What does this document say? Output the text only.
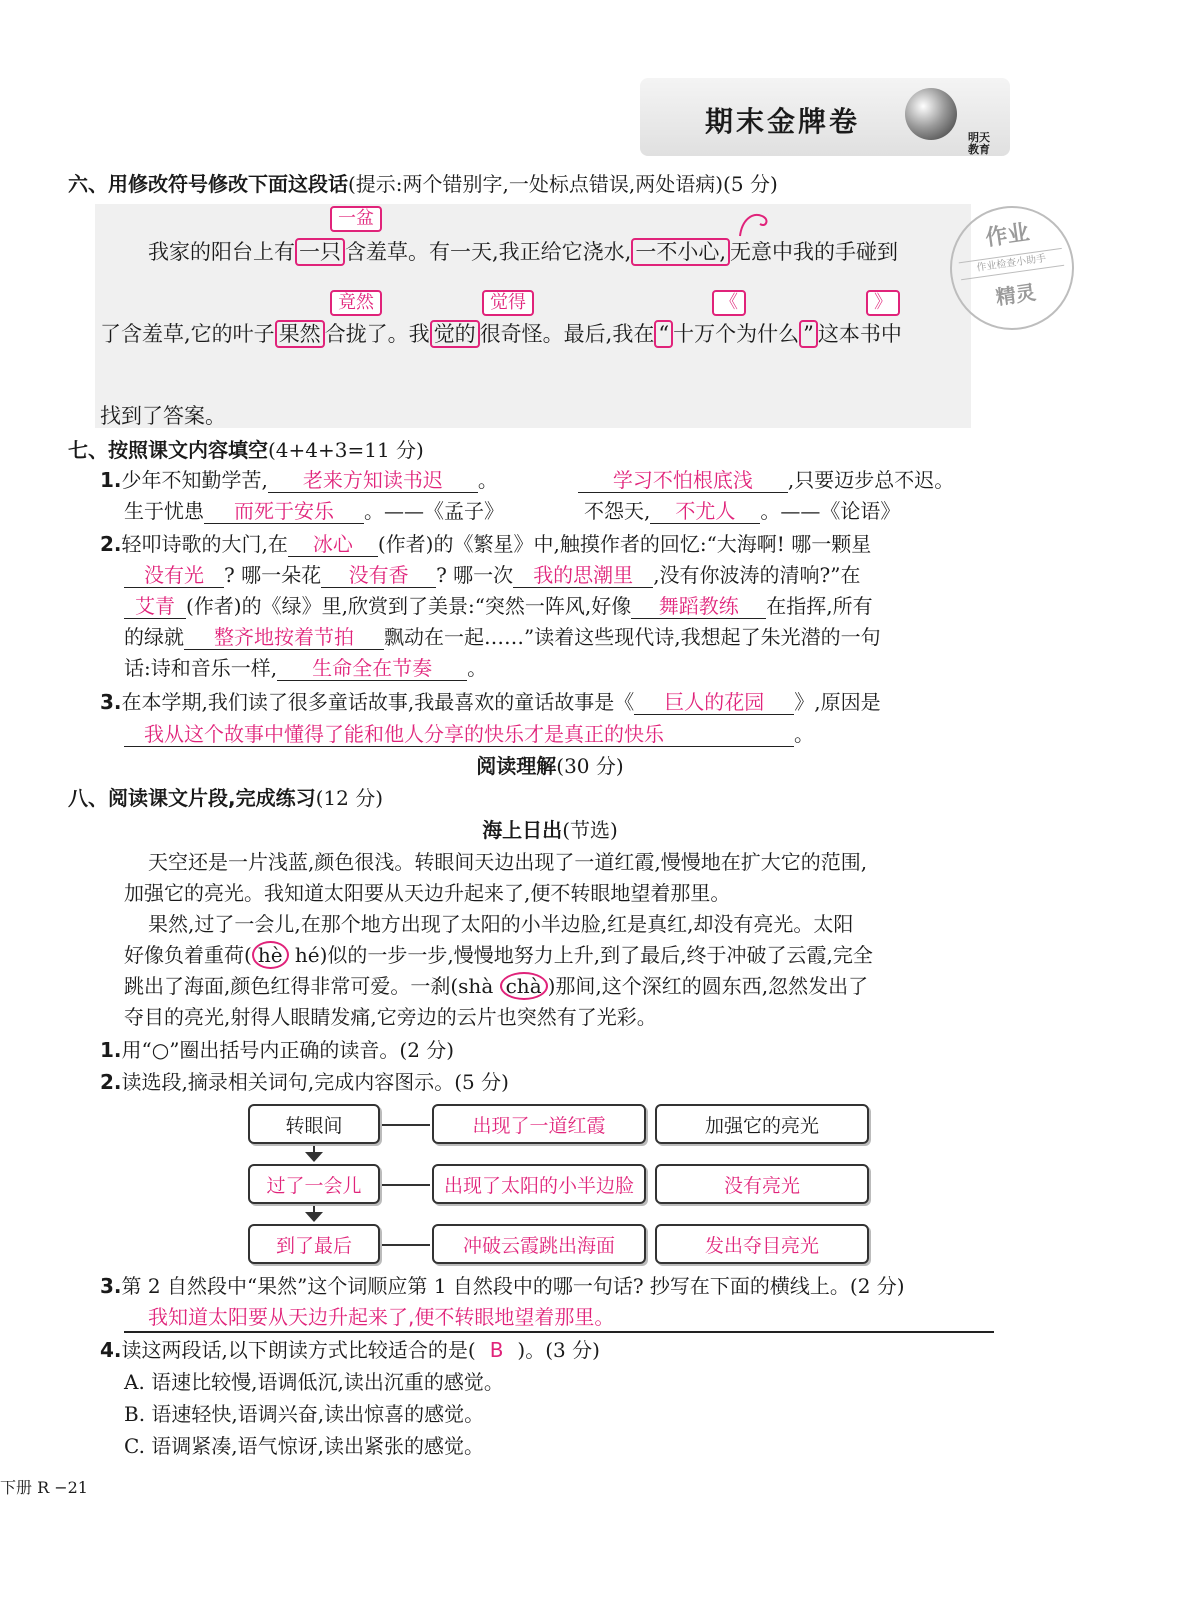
期末金牌卷	明天教育
六、用修改符号修改下面这段话(提示:两个错别字,一处标点错误,两处语病)(5 分)
一盆
竟然	觉得	《	》
我家的阳台上有 一只 含羞草。有一天,我正给它浇水, 一不小心, 无意中我的手碰到
了含羞草,它的叶子 果然 合拢了。我 觉的 很奇怪。最后,我在 “ 十万个为什么 ” 这本书中
找到了答案。
作业
作业检查小助手
精灵
七、按照课文内容填空(4+4+3=11 分)
1.少年不知勤学苦, 老来方知读书迟 。	学习不怕根底浅 ,只要迈步总不迟。
生于忧患 而死于安乐 。——《孟子》	不怨天, 不尤人 。——《论语》
2.轻叩诗歌的大门,在 冰心 (作者)的《繁星》中,触摸作者的回忆:“大海啊! 哪一颗星
没有光 ? 哪一朵花 没有香 ? 哪一次 我的思潮里 ,没有你波涛的清响?”在
艾青 (作者)的《绿》里,欣赏到了美景:“突然一阵风,好像 舞蹈教练 在指挥,所有
的绿就 整齐地按着节拍 飘动在一起……”读着这些现代诗,我想起了朱光潜的一句
话:诗和音乐一样, 生命全在节奏 。
3.在本学期,我们读了很多童话故事,我最喜欢的童话故事是《 巨人的花园 》,原因是
我从这个故事中懂得了能和他人分享的快乐才是真正的快乐	。
阅读理解(30 分)
八、阅读课文片段,完成练习(12 分)
海上日出(节选)
天空还是一片浅蓝,颜色很浅。转眼间天边出现了一道红霞,慢慢地在扩大它的范围,
加强它的亮光。我知道太阳要从天边升起来了,便不转眼地望着那里。
果然,过了一会儿,在那个地方出现了太阳的小半边脸,红是真红,却没有亮光。太阳
好像负着重荷( hè hé)似的一步一步,慢慢地努力上升,到了最后,终于冲破了云霞,完全
跳出了海面,颜色红得非常可爱。一刹(shà chà )那间,这个深红的圆东西,忽然发出了
夺目的亮光,射得人眼睛发痛,它旁边的云片也突然有了光彩。
1.用“○”圈出括号内正确的读音。(2 分)
2.读选段,摘录相关词句,完成内容图示。(5 分)
转眼间	出现了一道红霞	加强它的亮光
过了一会儿	出现了太阳的小半边脸	没有亮光
到了最后	冲破云霞跳出海面	发出夺目亮光
3.第 2 自然段中“果然”这个词顺应第 1 自然段中的哪一句话? 抄写在下面的横线上。(2 分)
我知道太阳要从天边升起来了,便不转眼地望着那里。
4.读这两段话,以下朗读方式比较适合的是( B )。(3 分)
A. 语速比较慢,语调低沉,读出沉重的感觉。
B. 语速轻快,语调兴奋,读出惊喜的感觉。
C. 语调紧凑,语气惊讶,读出紧张的感觉。
下册 R −21
